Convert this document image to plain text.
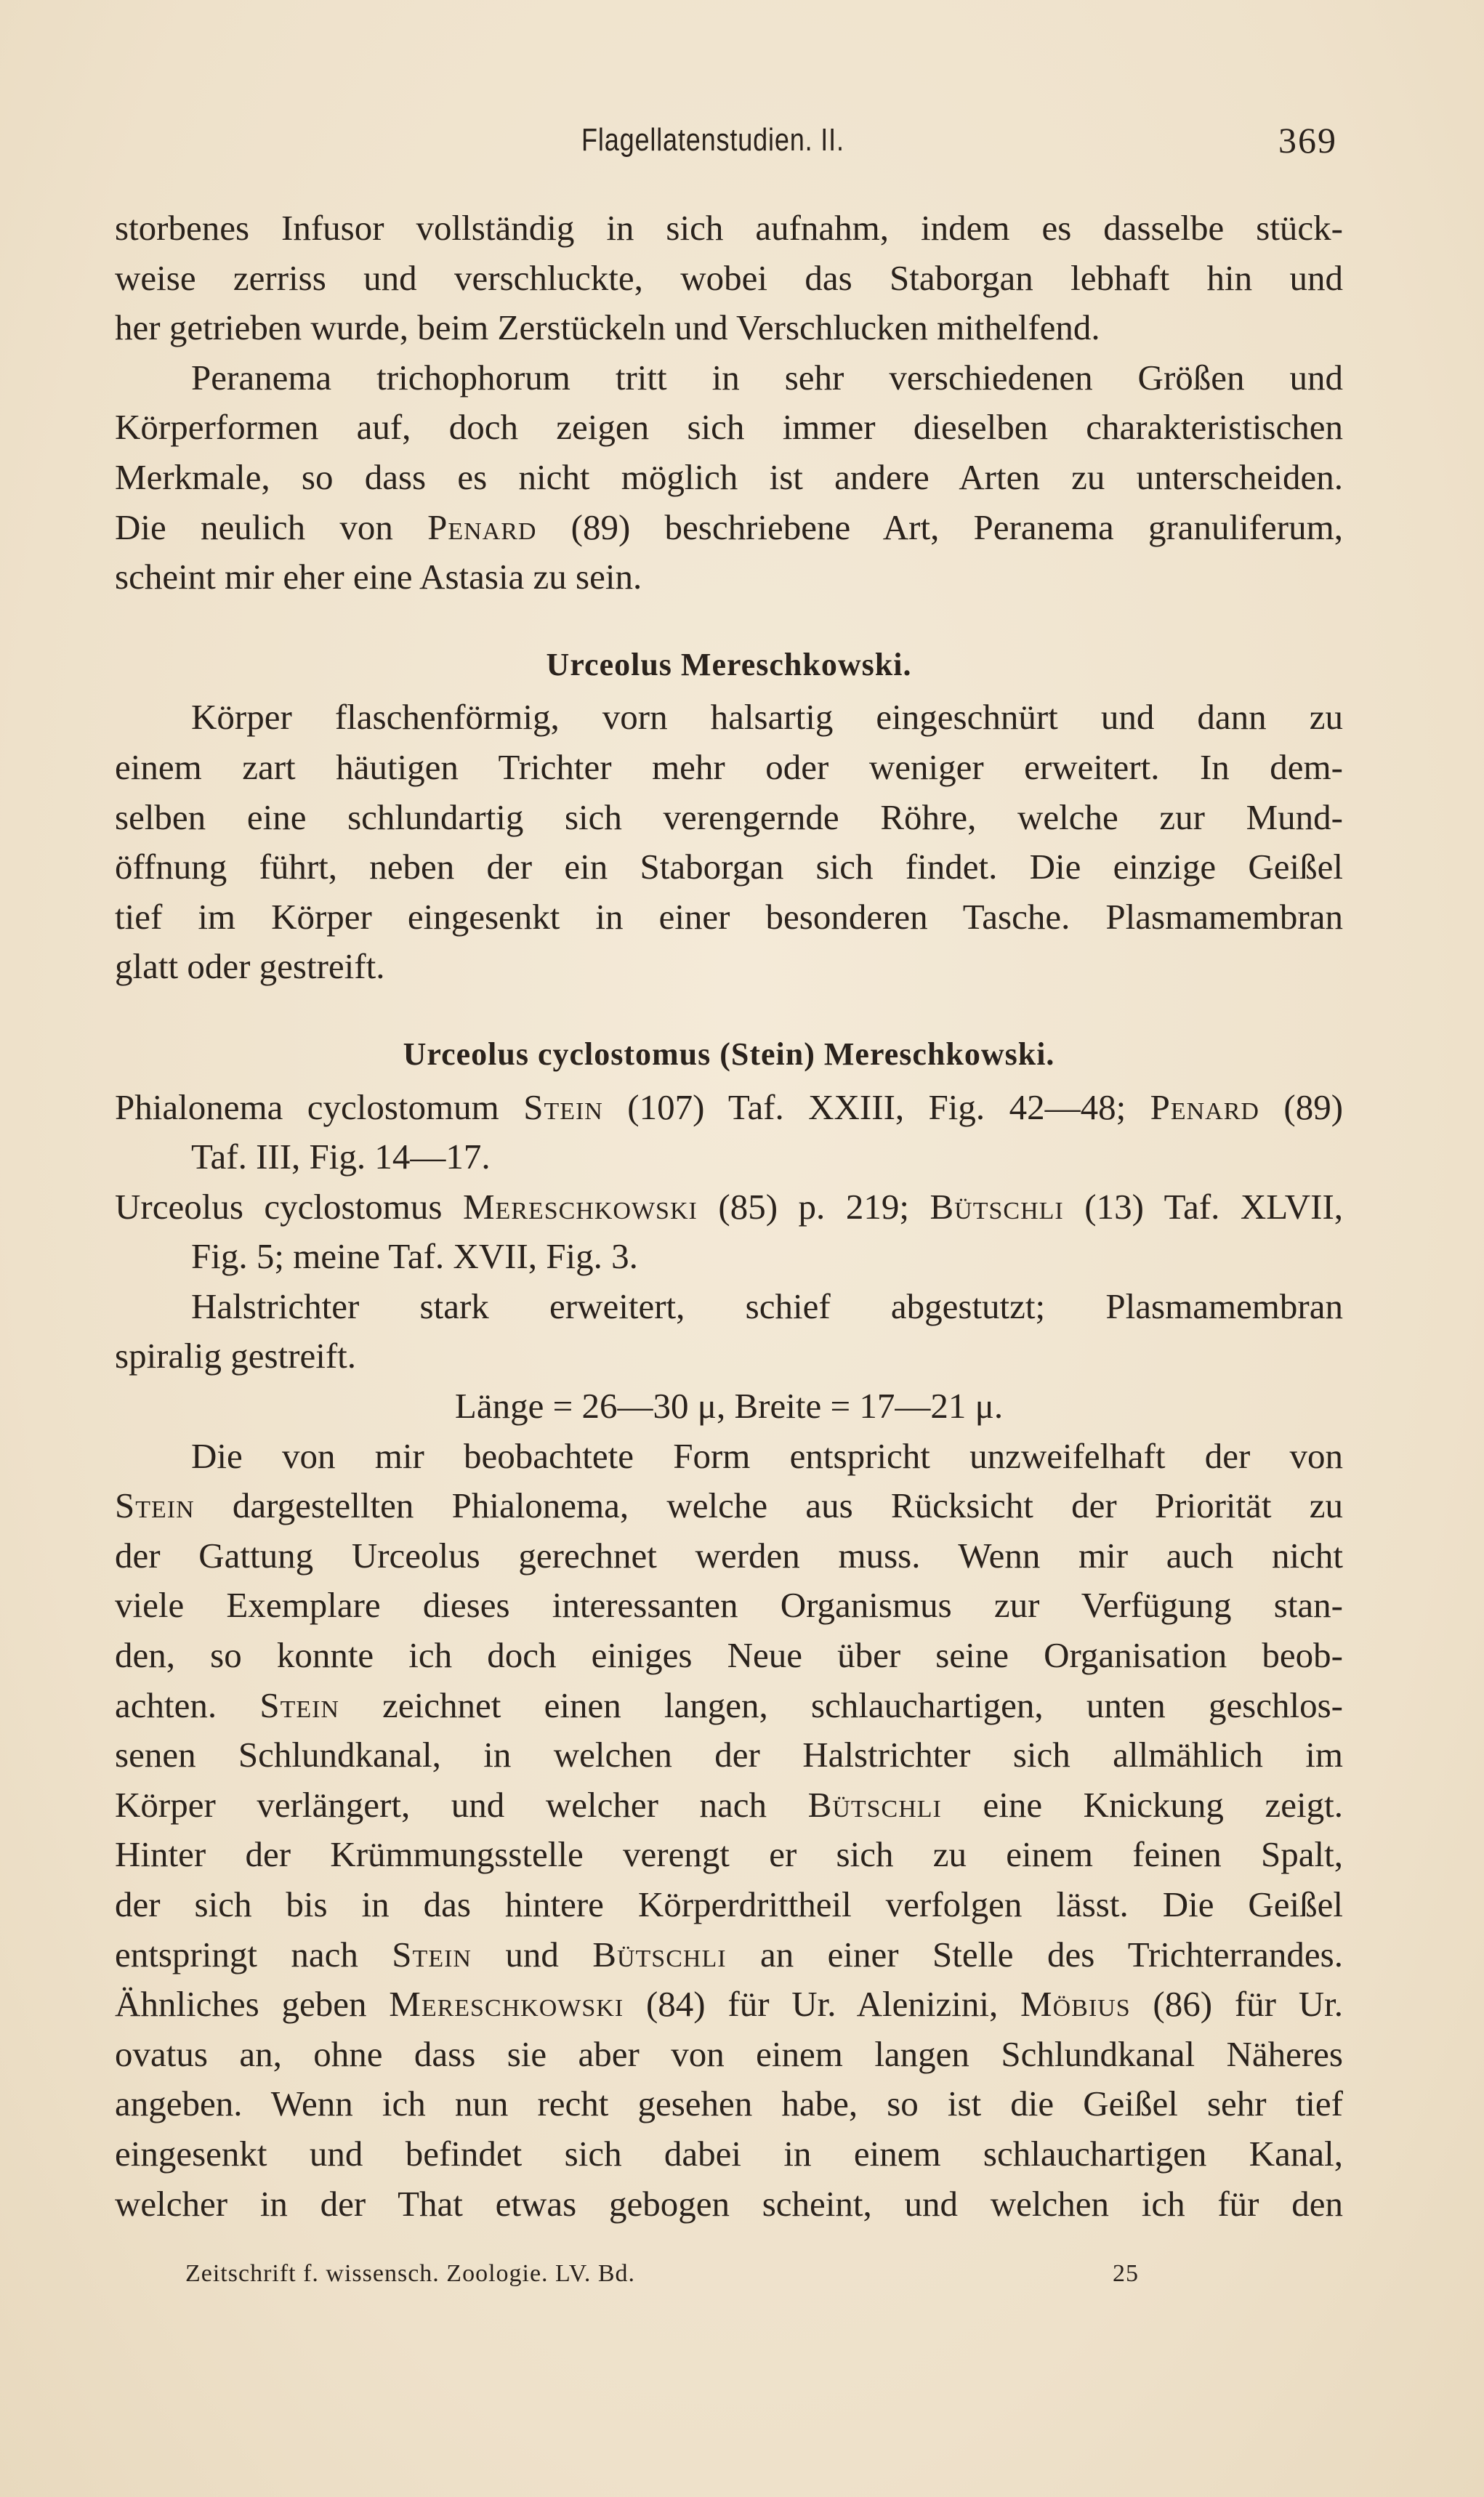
Flagellatenstudien. II.	369
storbenes Infusor vollständig in sich aufnahm, indem es dasselbe stück-
weise zerriss und verschluckte, wobei das Staborgan lebhaft hin und
her getrieben wurde, beim Zerstückeln und Verschlucken mithelfend.
Peranema trichophorum tritt in sehr verschiedenen Größen und
Körperformen auf, doch zeigen sich immer dieselben charakteristischen
Merkmale, so dass es nicht möglich ist andere Arten zu unterscheiden.
Die neulich von Penard (89) beschriebene Art, Peranema granuliferum,
scheint mir eher eine Astasia zu sein.
Urceolus Mereschkowski.
Körper flaschenförmig, vorn halsartig eingeschnürt und dann zu
einem zart häutigen Trichter mehr oder weniger erweitert. In dem-
selben eine schlundartig sich verengernde Röhre, welche zur Mund-
öffnung führt, neben der ein Staborgan sich findet. Die einzige Geißel
tief im Körper eingesenkt in einer besonderen Tasche. Plasmamembran
glatt oder gestreift.
Urceolus cyclostomus (Stein) Mereschkowski.
Phialonema cyclostomum Stein (107) Taf. XXIII, Fig. 42—48; Penard (89)
Taf. III, Fig. 14—17.
Urceolus cyclostomus Mereschkowski (85) p. 219; Bütschli (13) Taf. XLVII,
Fig. 5; meine Taf. XVII, Fig. 3.
Halstrichter stark erweitert, schief abgestutzt; Plasmamembran
spiralig gestreift.
Länge = 26—30 μ, Breite = 17—21 μ.
Die von mir beobachtete Form entspricht unzweifelhaft der von
Stein dargestellten Phialonema, welche aus Rücksicht der Priorität zu
der Gattung Urceolus gerechnet werden muss. Wenn mir auch nicht
viele Exemplare dieses interessanten Organismus zur Verfügung stan-
den, so konnte ich doch einiges Neue über seine Organisation beob-
achten. Stein zeichnet einen langen, schlauchartigen, unten geschlos-
senen Schlundkanal, in welchen der Halstrichter sich allmählich im
Körper verlängert, und welcher nach Bütschli eine Knickung zeigt.
Hinter der Krümmungsstelle verengt er sich zu einem feinen Spalt,
der sich bis in das hintere Körperdrittheil verfolgen lässt. Die Geißel
entspringt nach Stein und Bütschli an einer Stelle des Trichterrandes.
Ähnliches geben Mereschkowski (84) für Ur. Alenizini, Möbius (86) für Ur.
ovatus an, ohne dass sie aber von einem langen Schlundkanal Näheres
angeben. Wenn ich nun recht gesehen habe, so ist die Geißel sehr tief
eingesenkt und befindet sich dabei in einem schlauchartigen Kanal,
welcher in der That etwas gebogen scheint, und welchen ich für den
Zeitschrift f. wissensch. Zoologie. LV. Bd.	25
